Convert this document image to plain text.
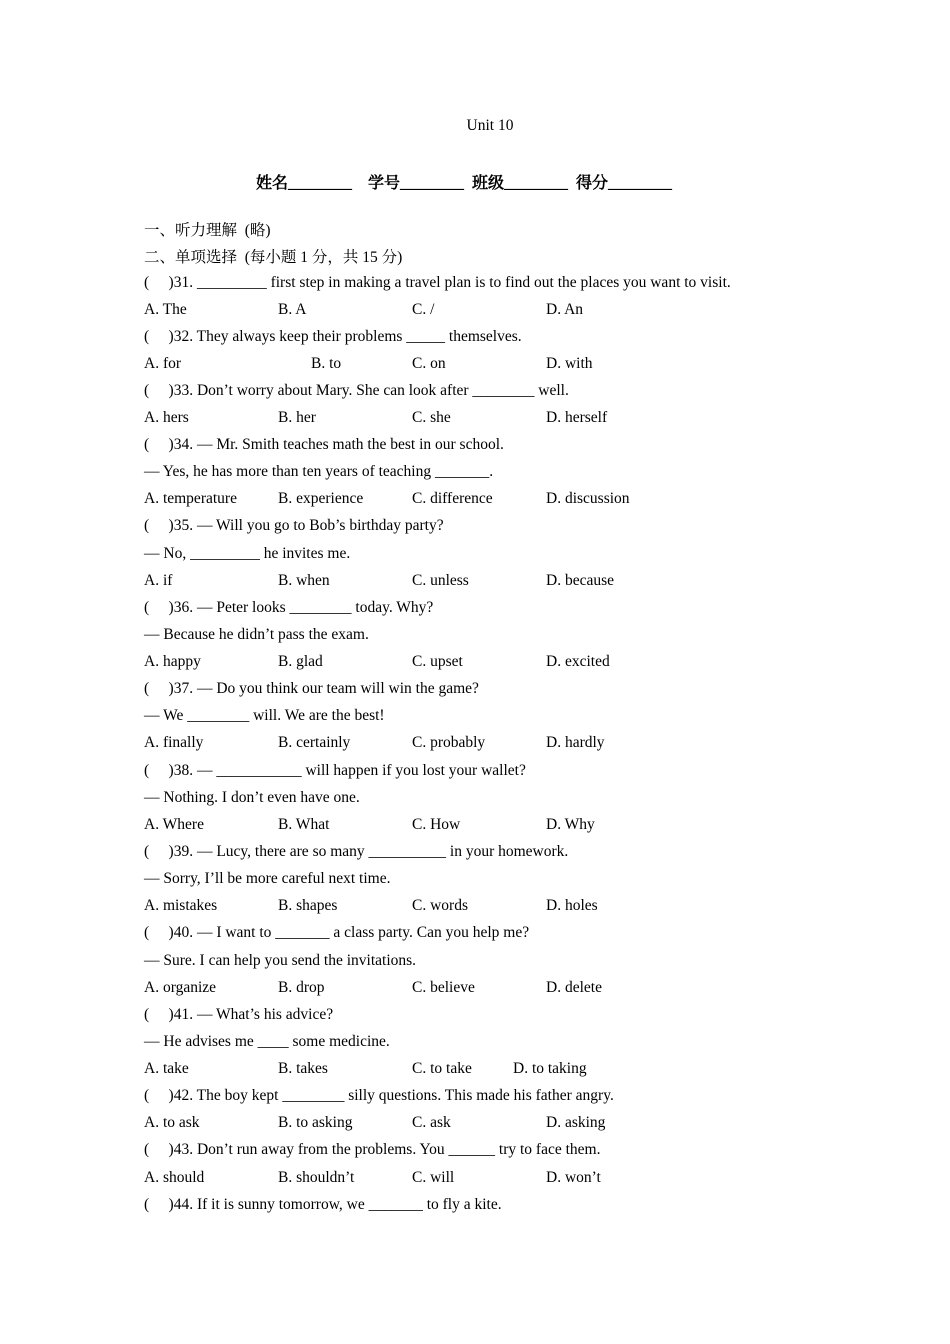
Unit 10
姓名________    学号________  班级________  得分________
一、听力理解  (略)
二、单项选择  (每小题 1 分，共 15 分)
(     )31. _________ first step in making a travel plan is to find out the places you want to visit.
A. The	B. A	C. /	D. An
(     )32. They always keep their problems _____ themselves.
A. for	B. to	C. on	D. with
(     )33. Don’t worry about Mary. She can look after ________ well.
A. hers	B. her	C. she	D. herself
(     )34. — Mr. Smith teaches math the best in our school.
— Yes, he has more than ten years of teaching _______.
A. temperature	B. experience	C. difference	D. discussion
(     )35. — Will you go to Bob’s birthday party?
— No, _________ he invites me.
A. if	B. when	C. unless	D. because
(     )36. — Peter looks ________ today. Why?
— Because he didn’t pass the exam.
A. happy	B. glad	C. upset	D. excited
(     )37. — Do you think our team will win the game?
— We ________ will. We are the best!
A. finally	B. certainly	C. probably	D. hardly
(     )38. — ___________ will happen if you lost your wallet?
— Nothing. I don’t even have one.
A. Where	B. What	C. How	D. Why
(     )39. — Lucy, there are so many __________ in your homework.
— Sorry, I’ll be more careful next time.
A. mistakes	B. shapes	C. words	D. holes
(     )40. — I want to _______ a class party. Can you help me?
— Sure. I can help you send the invitations.
A. organize	B. drop	C. believe	D. delete
(     )41. — What’s his advice?
— He advises me ____ some medicine.
A. take	B. takes	C. to take	D. to taking
(     )42. The boy kept ________ silly questions. This made his father angry.
A. to ask	B. to asking	C. ask	D. asking
(     )43. Don’t run away from the problems. You ______ try to face them.
A. should	B. shouldn’t	C. will	D. won’t
(     )44. If it is sunny tomorrow, we _______ to fly a kite.
